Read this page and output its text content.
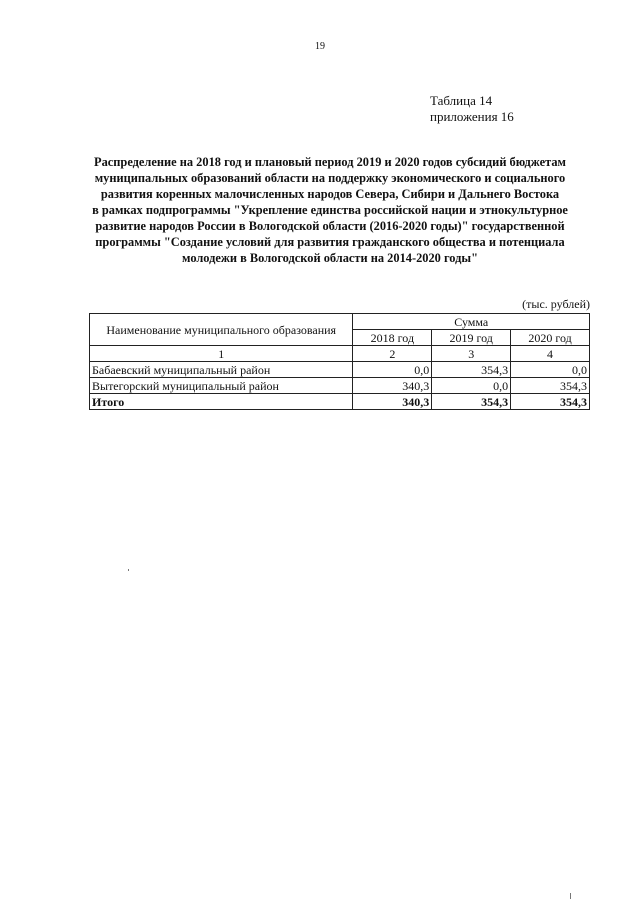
19
Таблица 14
приложения 16
Распределение на 2018 год и плановый период 2019 и 2020 годов субсидий бюджетам
муниципальных образований области на поддержку экономического и социального
развития коренных малочисленных народов Севера, Сибири и Дальнего Востока
в рамках подпрограммы "Укрепление единства российской нации и этнокультурное
развитие народов России в Вологодской области (2016-2020 годы)" государственной
программы "Создание условий для развития гражданского общества и потенциала
молодежи в Вологодской области на 2014-2020 годы"
(тыс. рублей)
Наименование муниципального образования	Сумма		
	2018 год	2019 год	2020 год
1	2	3	4
Бабаевский муниципальный район	0,0	354,3	0,0
Вытегорский муниципальный район	340,3	0,0	354,3
Итого	340,3	354,3	354,3
